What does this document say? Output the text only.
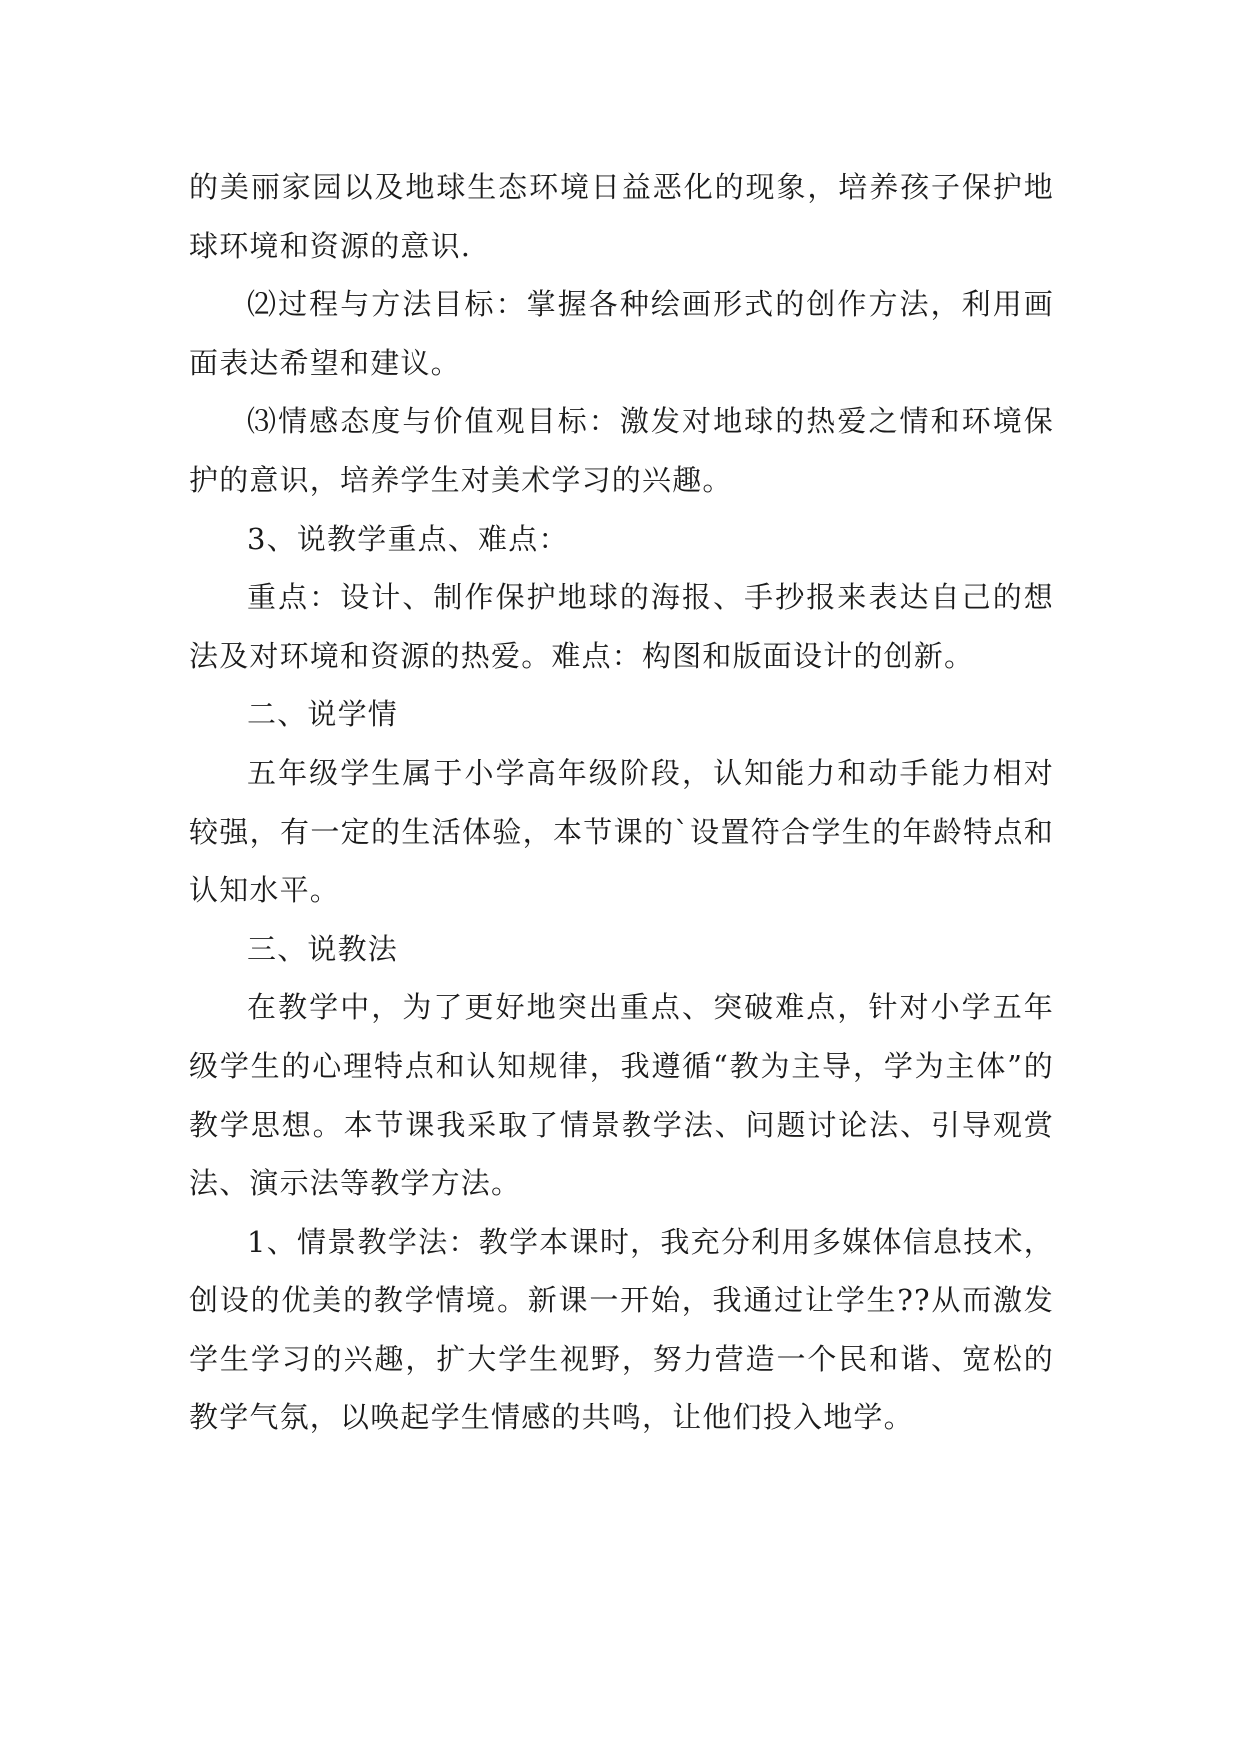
的美丽家园以及地球生态环境日益恶化的现象，培养孩子保护地球环境和资源的意识.

⑵过程与方法目标：掌握各种绘画形式的创作方法，利用画面表达希望和建议。

⑶情感态度与价值观目标：激发对地球的热爱之情和环境保护的意识，培养学生对美术学习的兴趣。

3、说教学重点、难点：

重点：设计、制作保护地球的海报、手抄报来表达自己的想法及对环境和资源的热爱。难点：构图和版面设计的创新。

二、说学情

五年级学生属于小学高年级阶段，认知能力和动手能力相对较强，有一定的生活体验，本节课的`设置符合学生的年龄特点和认知水平。

三、说教法

在教学中，为了更好地突出重点、突破难点，针对小学五年级学生的心理特点和认知规律，我遵循“教为主导，学为主体”的教学思想。本节课我采取了情景教学法、问题讨论法、引导观赏法、演示法等教学方法。

1、情景教学法：教学本课时，我充分利用多媒体信息技术，创设的优美的教学情境。新课一开始，我通过让学生??从而激发学生学习的兴趣，扩大学生视野，努力营造一个民和谐、宽松的教学气氛，以唤起学生情感的共鸣，让他们投入地学。
